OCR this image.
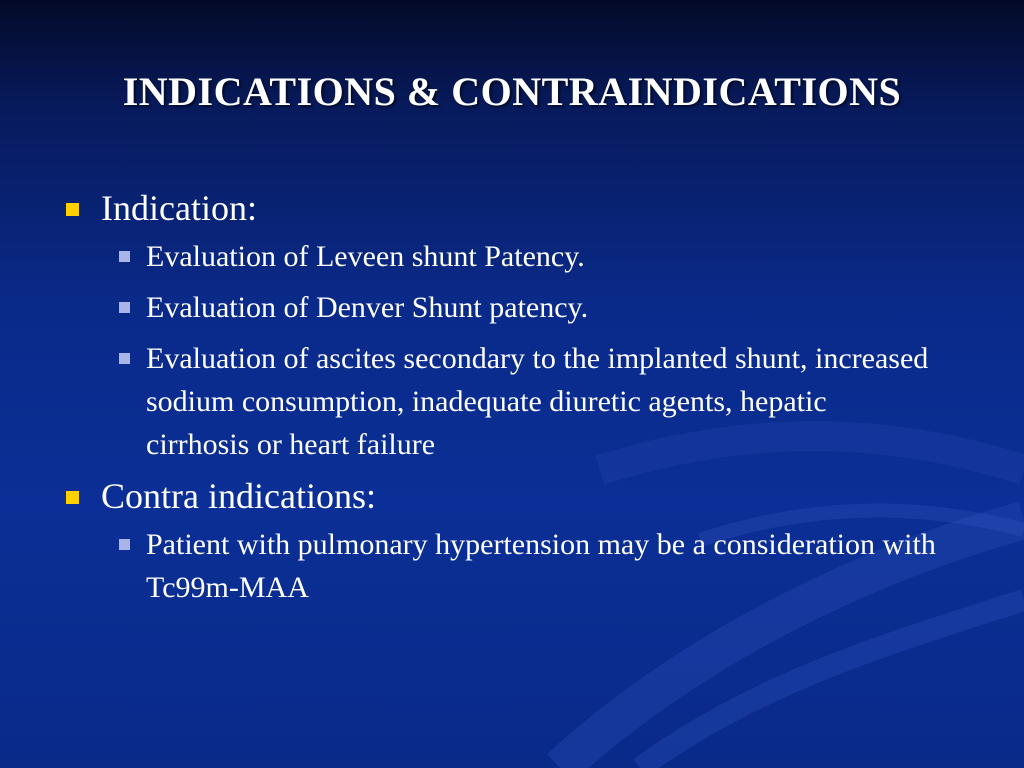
INDICATIONS & CONTRAINDICATIONS
Indication:
Evaluation of Leveen shunt Patency.
Evaluation of Denver Shunt patency.
Evaluation of ascites secondary to the implanted shunt, increased sodium consumption, inadequate diuretic agents, hepatic cirrhosis or heart failure
Contra indications:
Patient with pulmonary hypertension may be a consideration with Tc99m-MAA
